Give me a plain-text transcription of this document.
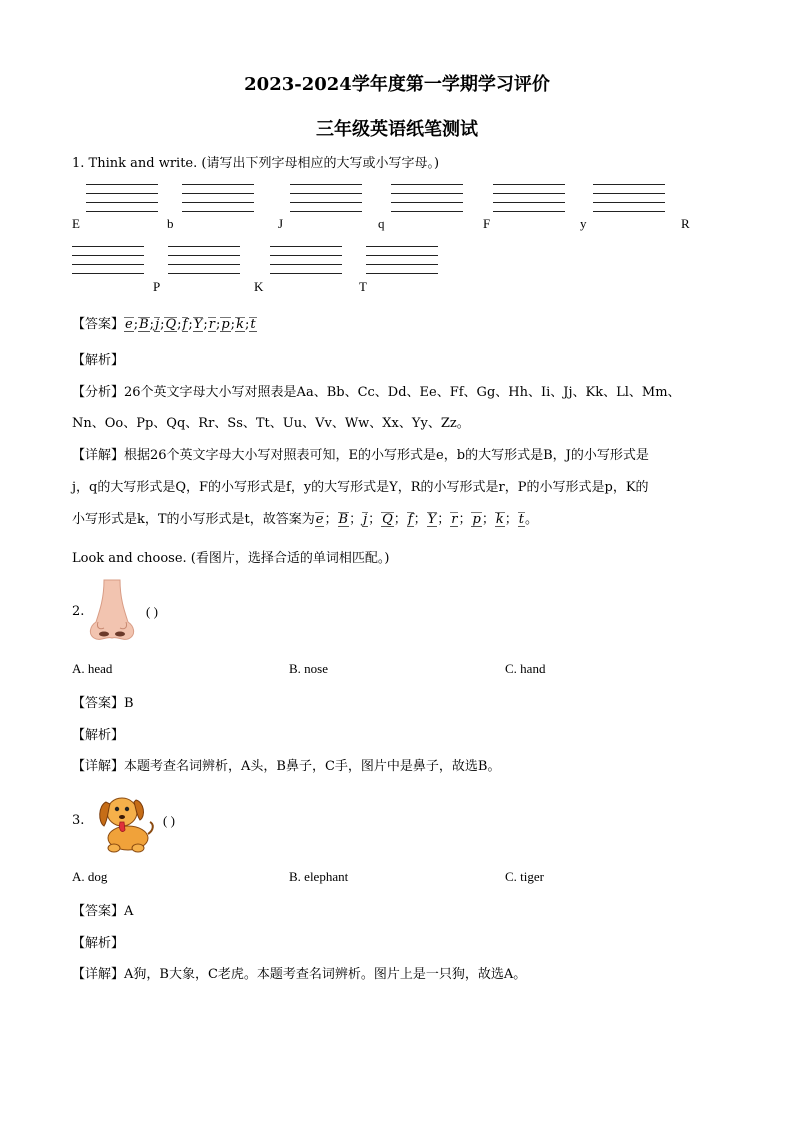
2023-2024学年度第一学期学习评价
三年级英语纸笔测试
1. Think and write. (请写出下列字母相应的大写或小写字母。)
E	b	J	q	F	y	R
P	K	T
【答案】e;B;j;Q;f;Y;r;p;k;t
【解析】
【分析】26个英文字母大小写对照表是Aa、Bb、Cc、Dd、Ee、Ff、Gg、Hh、Ii、Jj、Kk、Ll、Mm、
Nn、Oo、Pp、Qq、Rr、Ss、Tt、Uu、Vv、Ww、Xx、Yy、Zz。
【详解】根据26个英文字母大小写对照表可知，E的小写形式是e，b的大写形式是B，J的小写形式是
j，q的大写形式是Q，F的小写形式是f，y的大写形式是Y，R的小写形式是r，P的小写形式是p，K的
小写形式是k，T的小写形式是t，故答案为e；B；j；Q；f；Y；r；p；k；t。
Look and choose. (看图片，选择合适的单词相匹配。)
2.	( )
A. head	B. nose	C. hand
【答案】B
【解析】
【详解】本题考查名词辨析，A头，B鼻子，C手，图片中是鼻子，故选B。
3.	( )
A. dog	B. elephant	C. tiger
【答案】A
【解析】
【详解】A狗，B大象，C老虎。本题考查名词辨析。图片上是一只狗，故选A。
